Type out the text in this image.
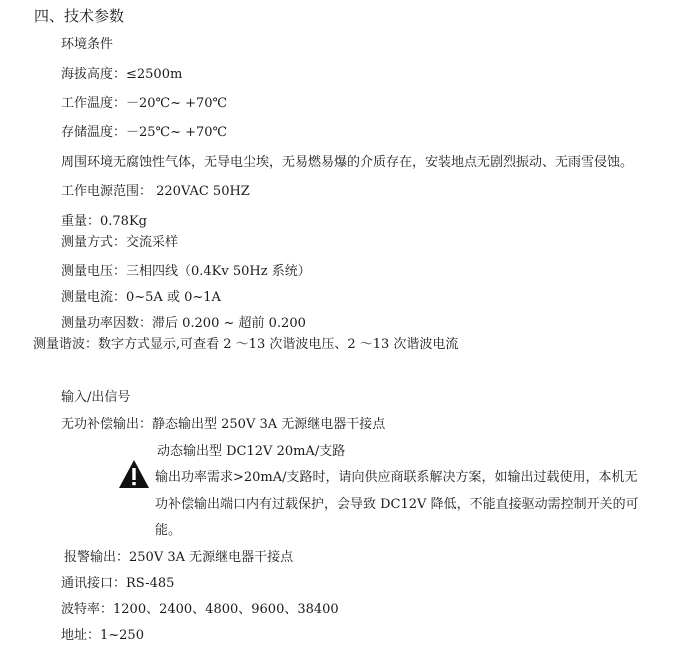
四、技术参数
环境条件
海拔高度：≤2500m
工作温度：－20℃~ +70℃
存储温度：－25℃~ +70℃
周围环境无腐蚀性气体，无导电尘埃，无易燃易爆的介质存在，安装地点无剧烈振动、无雨雪侵蚀。
工作电源范围： 220VAC 50HZ
重量：0.78Kg
测量方式：交流采样
测量电压：三相四线（0.4Kv 50Hz 系统）
测量电流：0~5A 或 0~1A
测量功率因数：滞后 0.200 ~ 超前 0.200
测量谐波：数字方式显示,可查看 2 ～13 次谐波电压、2 ～13 次谐波电流
输入/出信号
无功补偿输出：静态输出型 250V 3A 无源继电器干接点
动态输出型 DC12V 20mA/支路
输出功率需求>20mA/支路时，请向供应商联系解决方案，如输出过载使用，本机无
功补偿输出端口内有过载保护，会导致 DC12V 降低，不能直接驱动需控制开关的可
能。
报警输出：250V 3A 无源继电器干接点
通讯接口：RS-485
波特率：1200、2400、4800、9600、38400
地址：1~250
